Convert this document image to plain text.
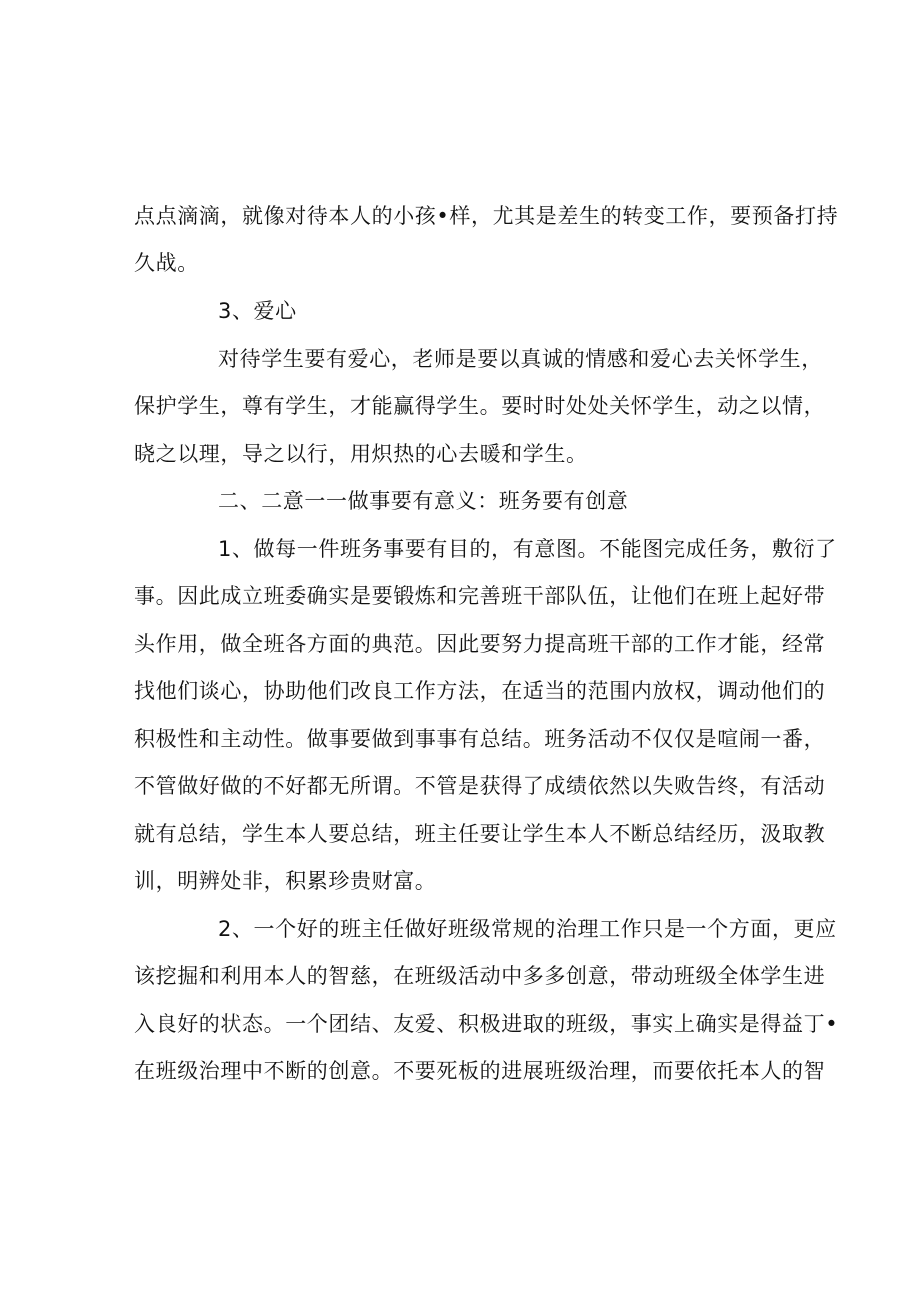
点点滴滴，就像对待本人的小孩•样，尤其是差生的转变工作，要预备打持
久战。
3、爱心
对待学生要有爱心，老师是要以真诚的情感和爱心去关怀学生，
保护学生，尊有学生，才能赢得学生。要时时处处关怀学生，动之以情，
晓之以理，导之以行，用炽热的心去暖和学生。
二、二意一一做事要有意义：班务要有创意
1、做每一件班务事要有目的，有意图。不能图完成任务，敷衍了
事。因此成立班委确实是要锻炼和完善班干部队伍，让他们在班上起好带
头作用，做全班各方面的典范。因此要努力提高班干部的工作才能，经常
找他们谈心，协助他们改良工作方法，在适当的范围内放权，调动他们的
积极性和主动性。做事要做到事事有总结。班务活动不仅仅是喧闹一番，
不管做好做的不好都无所谓。不管是获得了成绩依然以失败告终，有活动
就有总结，学生本人要总结，班主任要让学生本人不断总结经历，汲取教
训，明辨处非，积累珍贵财富。
2、一个好的班主任做好班级常规的治理工作只是一个方面，更应
该挖掘和利用本人的智慈，在班级活动中多多创意，带动班级全体学生进
入良好的状态。一个团结、友爱、积极进取的班级，事实上确实是得益丁•
在班级治理中不断的创意。不要死板的进展班级治理，而要依托本人的智
